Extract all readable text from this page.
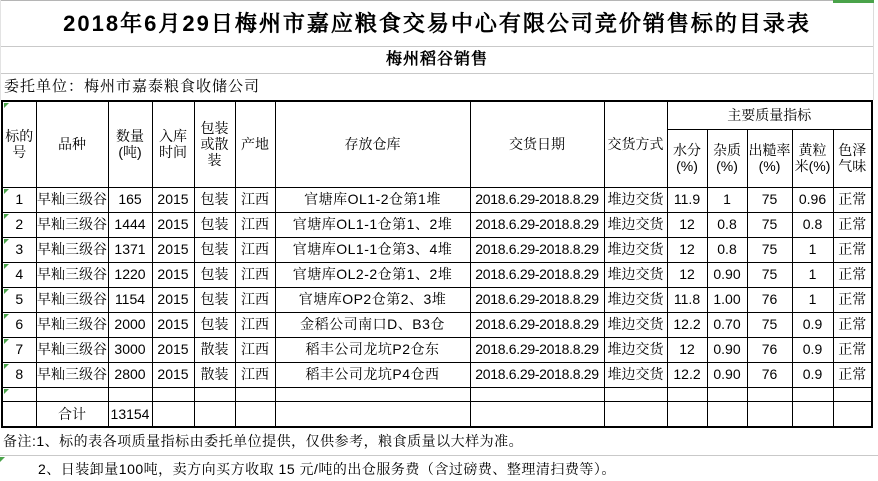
2018年6月29日梅州市嘉应粮食交易中心有限公司竞价销售标的目录表
梅州稻谷销售
委托单位：梅州市嘉泰粮食收储公司
标的号	品种	数量(吨)	入库时间	包装或散装	产地	存放仓库	交货日期	交货方式	主要质量指标				
									水分(%)	杂质(%)	出糙率(%)	黄粒米(%)	色泽气味
1	早籼三级谷	165	2015	包装	江西	官塘库OL1-2仓第1堆	2018.6.29-2018.8.29	堆边交货	11.9	1	75	0.96	正常
2	早籼三级谷	1444	2015	包装	江西	官塘库OL1-1仓第1、2堆	2018.6.29-2018.8.29	堆边交货	12	0.8	75	0.8	正常
3	早籼三级谷	1371	2015	包装	江西	官塘库OL1-1仓第3、4堆	2018.6.29-2018.8.29	堆边交货	12	0.8	75	1	正常
4	早籼三级谷	1220	2015	包装	江西	官塘库OL2-2仓第1、2堆	2018.6.29-2018.8.29	堆边交货	12	0.90	75	1	正常
5	早籼三级谷	1154	2015	包装	江西	官塘库OP2仓第2、3堆	2018.6.29-2018.8.29	堆边交货	11.8	1.00	76	1	正常
6	早籼三级谷	2000	2015	包装	江西	金稻公司南口D、B3仓	2018.6.29-2018.8.29	堆边交货	12.2	0.70	75	0.9	正常
7	早籼三级谷	3000	2015	散装	江西	稻丰公司龙坑P2仓东	2018.6.29-2018.8.29	堆边交货	12	0.90	76	0.9	正常
8	早籼三级谷	2800	2015	散装	江西	稻丰公司龙坑P4仓西	2018.6.29-2018.8.29	堆边交货	12.2	0.90	76	0.9	正常

	合计	13154											
备注:1、标的表各项质量指标由委托单位提供，仅供参考，粮食质量以大样为准。
2、日装卸量100吨，卖方向买方收取 15 元/吨的出仓服务费（含过磅费、整理清扫费等）。
